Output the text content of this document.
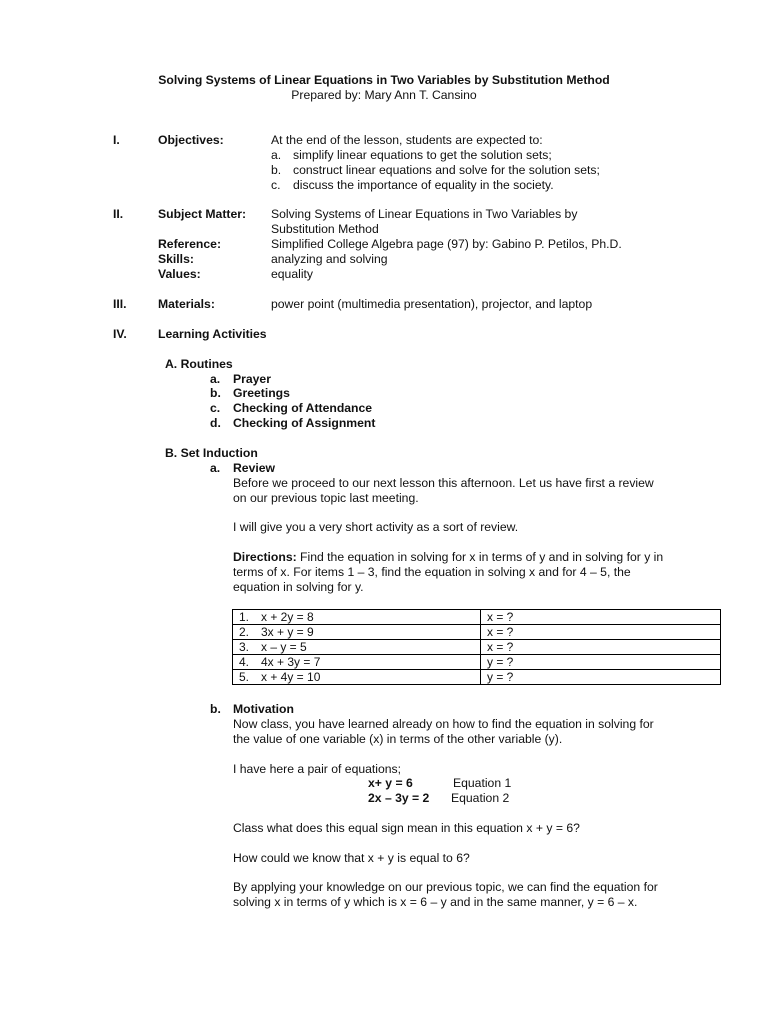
Solving Systems of Linear Equations in Two Variables by Substitution Method
Prepared by: Mary Ann T. Cansino
I.	Objectives:	At the end of the lesson, students are expected to:
a. simplify linear equations to get the solution sets;
b. construct linear equations and solve for the solution sets;
c. discuss the importance of equality in the society.
II.	Subject Matter: Solving Systems of Linear Equations in Two Variables by
Substitution Method
Reference:	Simplified College Algebra page (97) by: Gabino P. Petilos, Ph.D.
Skills:	analyzing and solving
Values:	equality
III.	Materials:	power point (multimedia presentation), projector, and laptop
IV.	Learning Activities
A. Routines
a. Prayer
b. Greetings
c. Checking of Attendance
d. Checking of Assignment
B. Set Induction
a. Review
Before we proceed to our next lesson this afternoon. Let us have first a review
on our previous topic last meeting.
I will give you a very short activity as a sort of review.
Directions: Find the equation in solving for x in terms of y and in solving for y in
terms of x. For items 1 – 3, find the equation in solving x and for 4 – 5, the
equation in solving for y.
1. x + 2y = 8	x = ?
2. 3x + y = 9	x = ?
3. x – y = 5	x = ?
4. 4x + 3y = 7	y = ?
5. x + 4y = 10	y = ?
b. Motivation
Now class, you have learned already on how to find the equation in solving for
the value of one variable (x) in terms of the other variable (y).
I have here a pair of equations;
x+ y = 6	Equation 1
2x – 3y = 2 Equation 2
Class what does this equal sign mean in this equation x + y = 6?
How could we know that x + y is equal to 6?
By applying your knowledge on our previous topic, we can find the equation for
solving x in terms of y which is x = 6 – y and in the same manner, y = 6 – x.
